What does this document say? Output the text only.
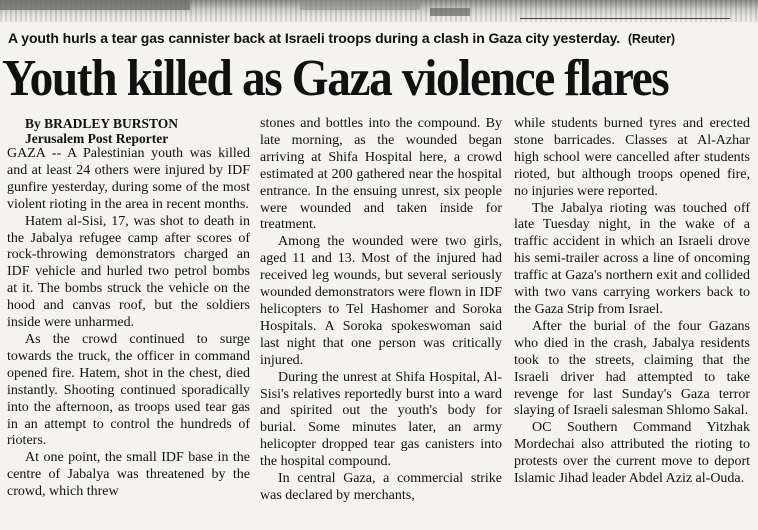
A youth hurls a tear gas cannister back at Israeli troops during a clash in Gaza city yesterday. (Reuter)
Youth killed as Gaza violence flares
By BRADLEY BURSTON
Jerusalem Post Reporter

GAZA -- A Palestinian youth was killed and at least 24 others were injured by IDF gunfire yesterday, during some of the most violent rioting in the area in recent months.

Hatem al-Sisi, 17, was shot to death in the Jabalya refugee camp after scores of rock-throwing demonstrators charged an IDF vehicle and hurled two petrol bombs at it. The bombs struck the vehicle on the hood and canvas roof, but the soldiers inside were unharmed.

As the crowd continued to surge towards the truck, the officer in command opened fire. Hatem, shot in the chest, died instantly. Shooting continued sporadically into the afternoon, as troops used tear gas in an attempt to control the hundreds of rioters.

At one point, the small IDF base in the centre of Jabalya was threatened by the crowd, which threw

stones and bottles into the compound. By late morning, as the wounded began arriving at Shifa Hospital here, a crowd estimated at 200 gathered near the hospital entrance. In the ensuing unrest, six people were wounded and taken inside for treatment.

Among the wounded were two girls, aged 11 and 13. Most of the injured had received leg wounds, but several seriously wounded demonstrators were flown in IDF helicopters to Tel Hashomer and Soroka Hospitals. A Soroka spokeswoman said last night that one person was critically injured.

During the unrest at Shifa Hospital, Al-Sisi's relatives reportedly burst into a ward and spirited out the youth's body for burial. Some minutes later, an army helicopter dropped tear gas canisters into the hospital compound.

In central Gaza, a commercial strike was declared by merchants,

while students burned tyres and erected stone barricades. Classes at Al-Azhar high school were cancelled after students rioted, but although troops opened fire, no injuries were reported.

The Jabalya rioting was touched off late Tuesday night, in the wake of a traffic accident in which an Israeli drove his semi-trailer across a line of oncoming traffic at Gaza's northern exit and collided with two vans carrying workers back to the Gaza Strip from Israel.

After the burial of the four Gazans who died in the crash, Jabalya residents took to the streets, claiming that the Israeli driver had attempted to take revenge for last Sunday's Gaza terror slaying of Israeli salesman Shlomo Sakal.

OC Southern Command Yitzhak Mordechai also attributed the rioting to protests over the current move to deport Islamic Jihad leader Abdel Aziz al-Ouda.
